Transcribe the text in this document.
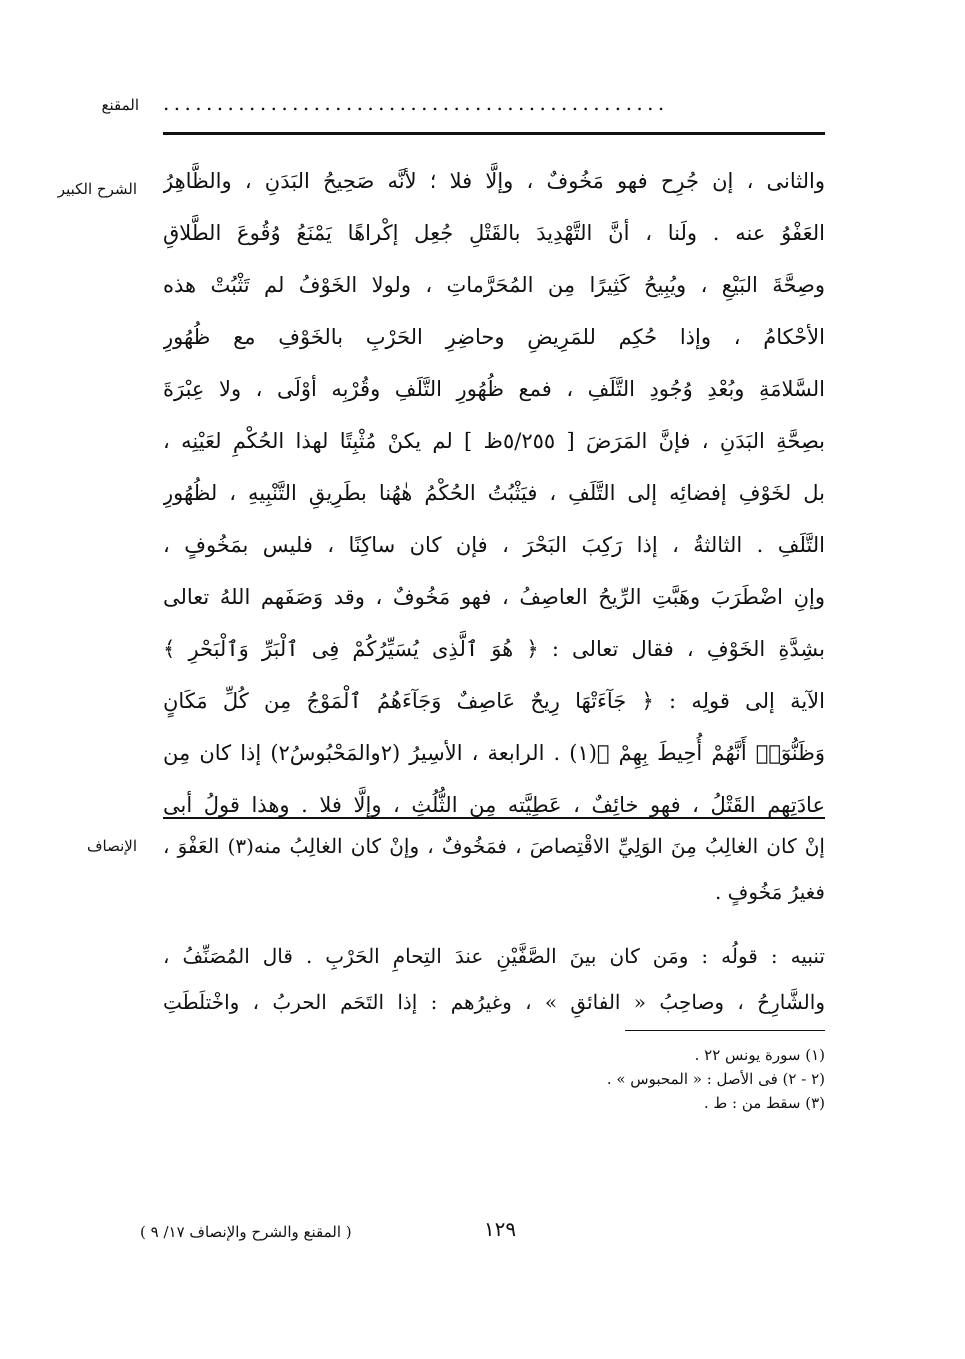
المقنع ...............................................
الشرح الكبير والثانى ، إن جُرِح فهو مَخُوفٌ ، وإلَّا فلا ؛ لأنَّه صَحِيحُ البَدَنِ ، والظَّاهِرُ
العَفْوُ عنه . ولَنا ، أنَّ التَّهْدِيدَ بالقَتْلِ جُعِل إكْراهًا يَمْنَعُ وُقُوعَ الطَّلاقِ
وصِحَّةَ البَيْعِ ، ويُبِيحُ كَثِيرًا مِن المُحَرَّماتِ ، ولولا الخَوْفُ لم تَثْبُتْ هذه
الأحْكامُ ، وإذا حُكِم للمَرِيضِ وحاضِرِ الحَرْبِ بالخَوْفِ مع ظُهُورِ
السَّلامَةِ وبُعْدِ وُجُودِ التَّلَفِ ، فمع ظُهُورِ التَّلَفِ وقُرْبِه أوْلَى ، ولا عِبْرَةَ
بصِحَّةِ البَدَنِ ، فإنَّ المَرَضَ [ ٥/٢٥٥ظ ] لم يكنْ مُثْبِتًا لهذا الحُكْمِ لعَيْنِه ،
بل لخَوْفِ إفضائِه إلى التَّلَفِ ، فيَثْبُتُ الحُكْمُ هٰهُنا بطَرِيقِ التَّنْبِيهِ ، لظُهُورِ
التَّلَفِ . الثالثةُ ، إذا رَكِبَ البَحْرَ ، فإن كان ساكِنًا ، فليس بمَخُوفٍ ،
وإنِ اضْطَرَبَ وهَبَّتِ الرِّيحُ العاصِفُ ، فهو مَخُوفٌ ، وقد وَصَفَهم اللهُ تعالى
بشِدَّةِ الخَوْفِ ، فقال تعالى : ﴿ هُوَ ٱلَّذِى يُسَيِّرُكُمْ فِى ٱلْبَرِّ وَٱلْبَحْرِ ﴾
الآية إلى قولِه : ﴿ جَآءَتْهَا رِيحٌ عَاصِفٌ وَجَآءَهُمُ ٱلْمَوْجُ مِن كُلِّ مَكَانٍ
وَظَنُّوٓا۟ أَنَّهُمْ أُحِيطَ بِهِمْ ﴾(١) . الرابعة ، الأسِيرُ (٢والمَحْبُوسُ٢) إذا كان مِن
عادَتِهم القَتْلُ ، فهو خائِفٌ ، عَطِيَّته مِن الثُّلُثِ ، وإلَّا فلا . وهذا قولُ أبى
الإنصاف إنْ كان الغالِبُ مِنَ الوَلِيِّ الاقْتِصاصَ ، فمَخُوفٌ ، وإنْ كان الغالِبُ منه(٣) العَفْوَ ،
فغيرُ مَخُوفٍ .
تنبيه : قولُه : ومَن كان بينَ الصَّفَّيْنِ عندَ التِحامِ الحَرْبِ . قال المُصَنِّفُ ،
والشَّارِحُ ، وصاحِبُ « الفائقِ » ، وغيرُهم : إذا التَحَم الحربُ ، واخْتلَطَتِ
(١) سورة يونس ٢٢ .
(٢ - ٢) فى الأصل : « المحبوس » .
(٣) سقط من : ط .
١٢٩
( المقنع والشرح والإنصاف ١٧/ ٩ )
